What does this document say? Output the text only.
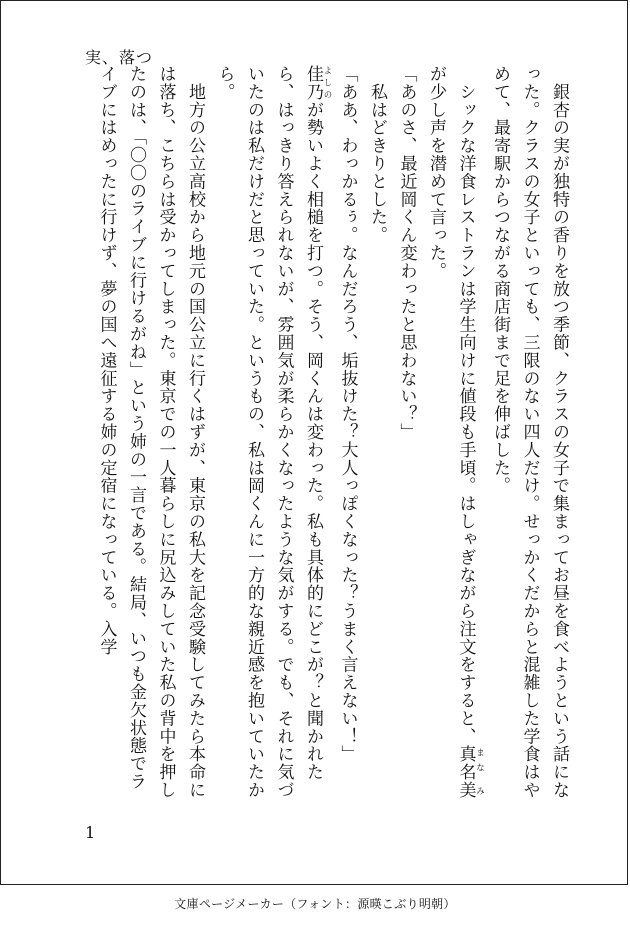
実、落つ

　銀杏の実が独特の香りを放つ季節、クラスの女子で集まってお昼を食べようという話になった。クラスの女子といっても、三限のない四人だけ。せっかくだからと混雑した学食はやめて、最寄駅からつながる商店街まで足を伸ばした。

　シックな洋食レストランは学生向けに値段も手頃。はしゃぎながら注文をすると、真名美 まな みが少し声を潜めて言った。

「あのさ、最近岡くん変わったと思わない？」

　私はどきりとした。

「ああ、わっかるぅ。なんだろう、垢抜けた？大人っぽくなった？うまく言えない！」

佳乃 よしのが勢いよく相槌を打つ。そう、岡くんは変わった。私も具体的にどこが？と聞かれたら、はっきり答えられないが、雰囲気が柔らかくなったような気がする。でも、それに気づいたのは私だけだと思っていた。というもの、私は岡くんに一方的な親近感を抱いていたから。

　地方の公立高校から地元の国公立に行くはずが、東京の私大を記念受験してみたら本命には落ち、こちらは受かってしまった。東京での一人暮らしに尻込みしていた私の背中を押したのは、「〇〇のライブに行けるがね」という姉の一言である。結局、いつも金欠状態でライブにはめったに行けず、夢の国へ遠征する姉の定宿になっている。入学

1
文庫ページメーカー（フォント：源暎こぶり明朝）
